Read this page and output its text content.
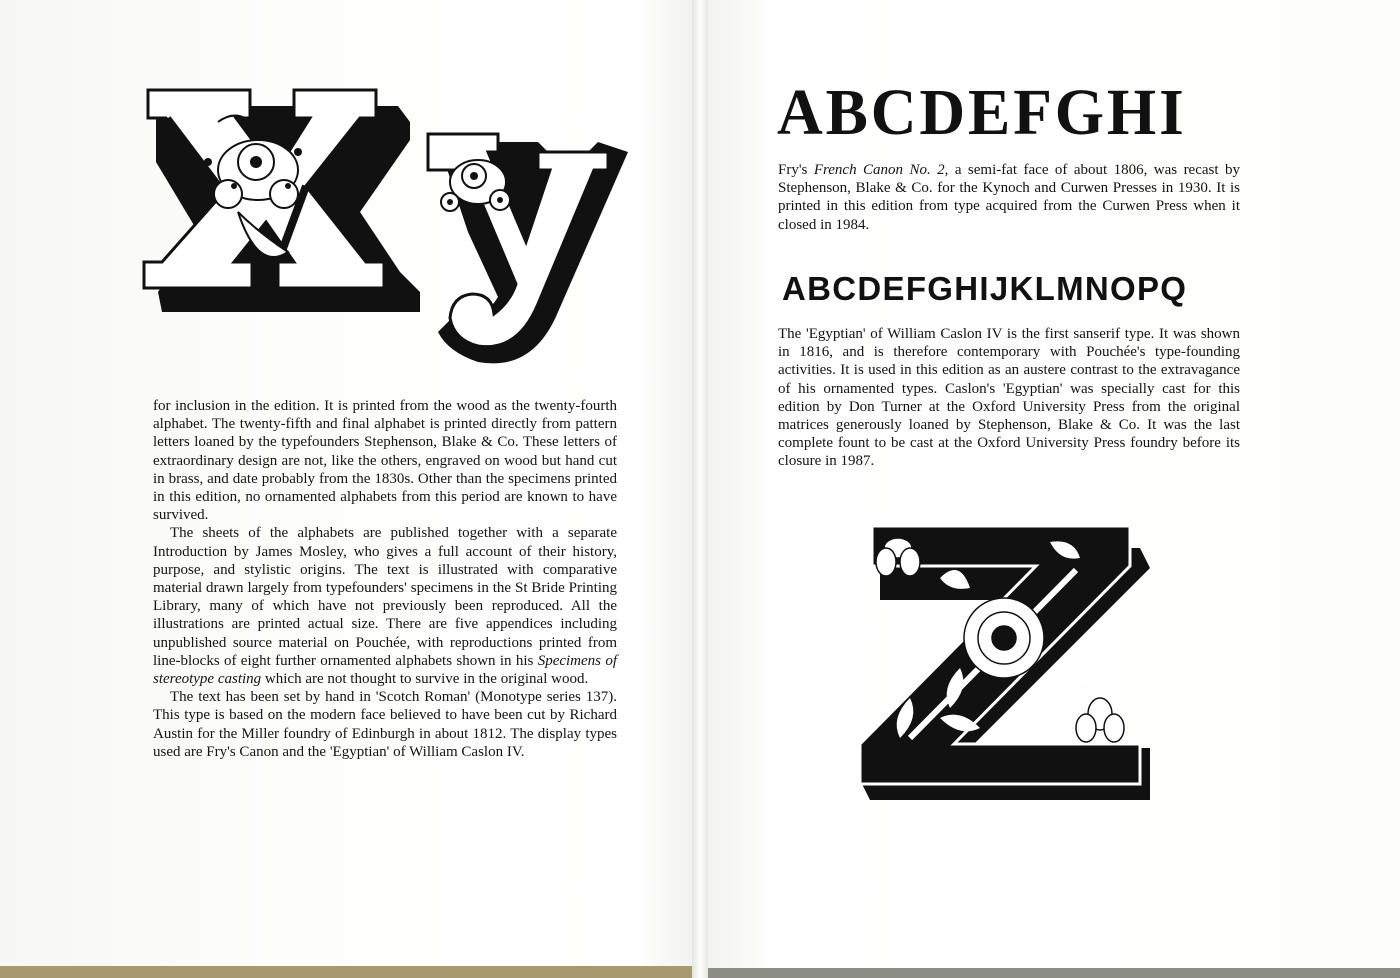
for inclusion in the edition. It is printed from the wood as the twenty-fourth alphabet. The twenty-fifth and final alphabet is printed directly from pattern letters loaned by the typefounders Stephenson, Blake & Co. These letters of extraordinary design are not, like the others, engraved on wood but hand cut in brass, and date probably from the 1830s. Other than the specimens printed in this edition, no ornamented alphabets from this period are known to have survived.

The sheets of the alphabets are published together with a separate Introduction by James Mosley, who gives a full account of their history, purpose, and stylistic origins. The text is illustrated with comparative material drawn largely from typefounders' specimens in the St Bride Printing Library, many of which have not previously been reproduced. All the illustrations are printed actual size. There are five appendices including unpublished source material on Pouchée, with reproductions printed from line-blocks of eight further ornamented alphabets shown in his Specimens of stereotype casting which are not thought to survive in the original wood.

The text has been set by hand in 'Scotch Roman' (Monotype series 137). This type is based on the modern face believed to have been cut by Richard Austin for the Miller foundry of Edinburgh in about 1812. The display types used are Fry's Canon and the 'Egyptian' of William Caslon IV.

ABCDEFGHI
Fry's French Canon No. 2, a semi-fat face of about 1806, was recast by Stephenson, Blake & Co. for the Kynoch and Curwen Presses in 1930. It is printed in this edition from type acquired from the Curwen Press when it closed in 1984.
ABCDEFGHIJKLMNOPQ
The 'Egyptian' of William Caslon IV is the first sanserif type. It was shown in 1816, and is therefore contemporary with Pouchée's type-founding activities. It is used in this edition as an austere contrast to the extravagance of his ornamented types. Caslon's 'Egyptian' was specially cast for this edition by Don Turner at the Oxford University Press from the original matrices generously loaned by Stephenson, Blake & Co. It was the last complete fount to be cast at the Oxford University Press foundry before its closure in 1987.
